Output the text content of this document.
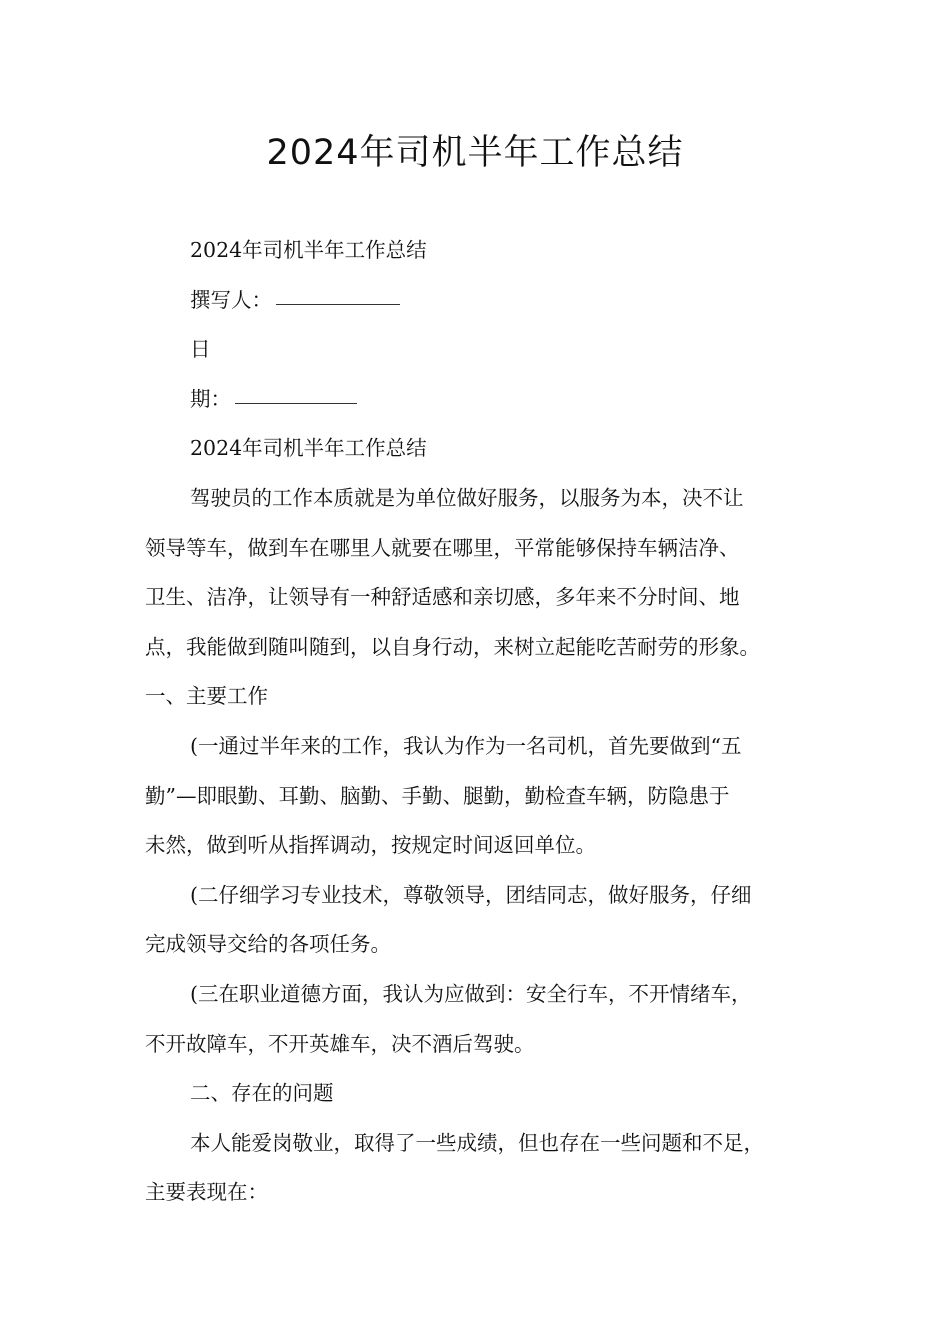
2024年司机半年工作总结
2024年司机半年工作总结
撰写人：
日
期：
2024年司机半年工作总结
驾驶员的工作本质就是为单位做好服务，以服务为本，决不让
领导等车，做到车在哪里人就要在哪里，平常能够保持车辆洁净、
卫生、洁净，让领导有一种舒适感和亲切感，多年来不分时间、地
点，我能做到随叫随到，以自身行动，来树立起能吃苦耐劳的形象。
一、主要工作
(一通过半年来的工作，我认为作为一名司机，首先要做到“五
勤”—即眼勤、耳勤、脑勤、手勤、腿勤，勤检查车辆，防隐患于
未然，做到听从指挥调动，按规定时间返回单位。
(二仔细学习专业技术，尊敬领导，团结同志，做好服务，仔细
完成领导交给的各项任务。
(三在职业道德方面，我认为应做到：安全行车，不开情绪车，
不开故障车，不开英雄车，决不酒后驾驶。
二、存在的问题
本人能爱岗敬业，取得了一些成绩，但也存在一些问题和不足，
主要表现在：
